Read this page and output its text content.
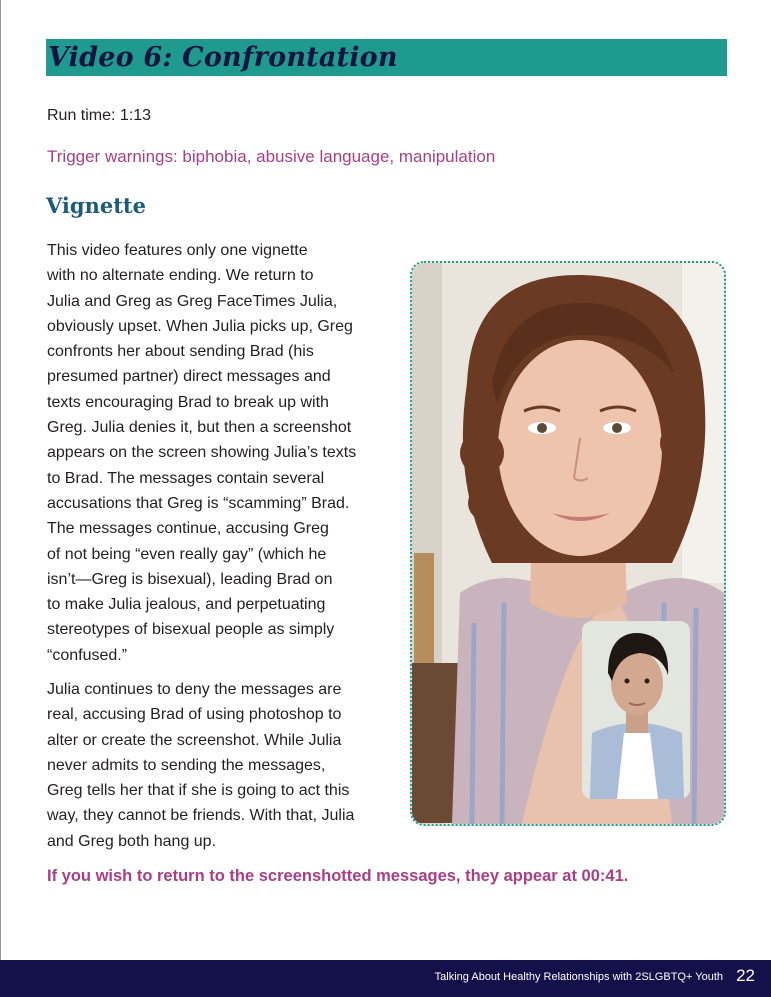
Video 6: Confrontation
Run time: 1:13
Trigger warnings: biphobia, abusive language, manipulation
Vignette

This video features only one vignette
with no alternate ending. We return to
Julia and Greg as Greg FaceTimes Julia,
obviously upset. When Julia picks up, Greg
confronts her about sending Brad (his
presumed partner) direct messages and
texts encouraging Brad to break up with
Greg. Julia denies it, but then a screenshot
appears on the screen showing Julia’s texts
to Brad. The messages contain several
accusations that Greg is “scamming” Brad.
The messages continue, accusing Greg
of not being “even really gay” (which he
isn’t—Greg is bisexual), leading Brad on
to make Julia jealous, and perpetuating
stereotypes of bisexual people as simply
“confused.”

Julia continues to deny the messages are
real, accusing Brad of using photoshop to
alter or create the screenshot. While Julia
never admits to sending the messages,
Greg tells her that if she is going to act this
way, they cannot be friends. With that, Julia
and Greg both hang up.

If you wish to return to the screenshotted messages, they appear at 00:41.
Talking About Healthy Relationships with 2SLGBTQ+ Youth 22
